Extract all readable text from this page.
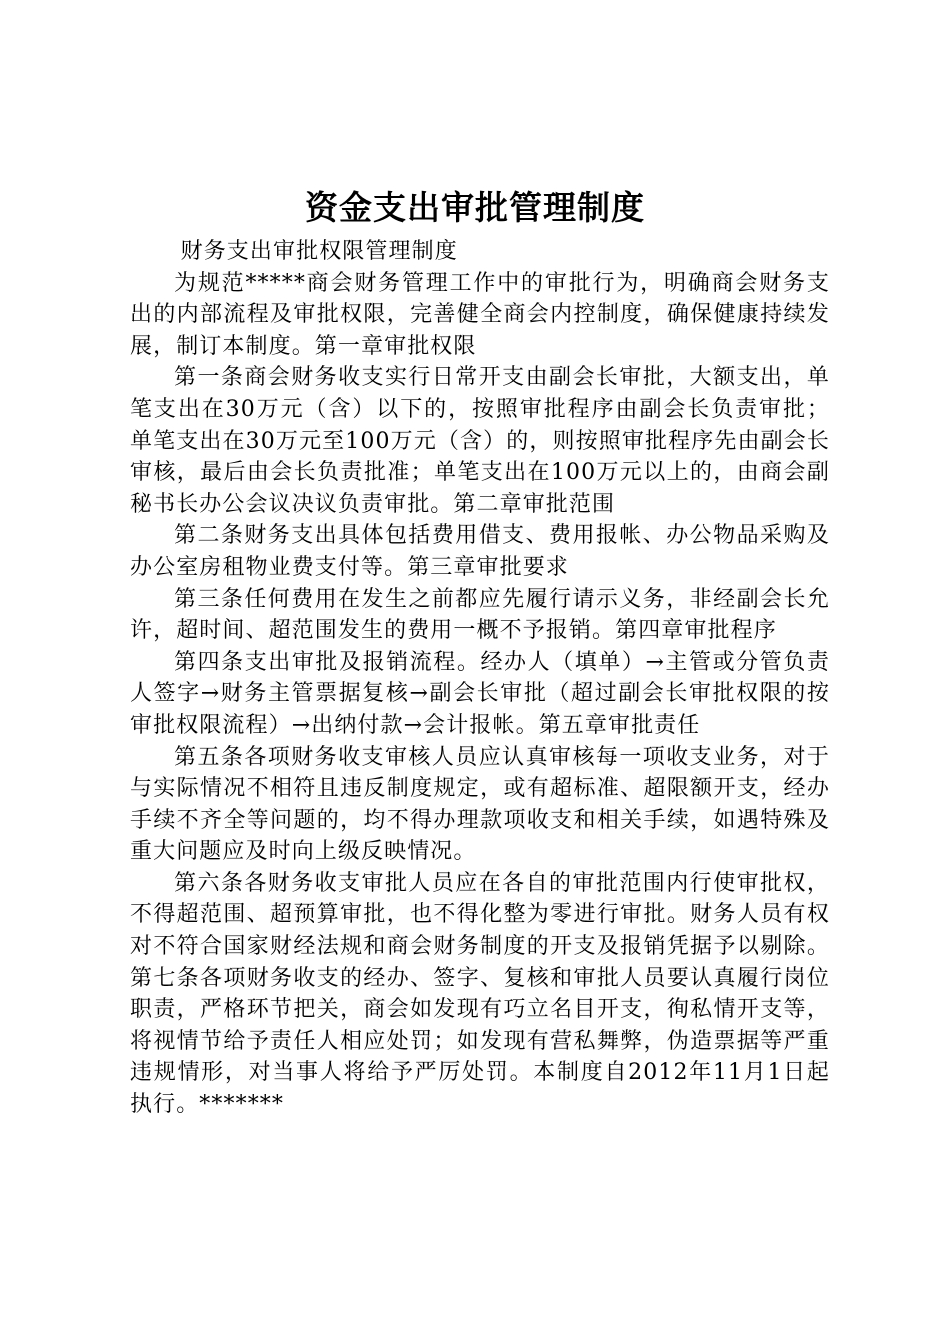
资金支出审批管理制度

财务支出审批权限管理制度

为规范*****商会财务管理工作中的审批行为，明确商会财务支出的内部流程及审批权限，完善健全商会内控制度，确保健康持续发展，制订本制度。第一章审批权限

第一条商会财务收支实行日常开支由副会长审批，大额支出，单笔支出在30万元（含）以下的，按照审批程序由副会长负责审批；单笔支出在30万元至100万元（含）的，则按照审批程序先由副会长审核，最后由会长负责批准；单笔支出在100万元以上的，由商会副秘书长办公会议决议负责审批。第二章审批范围

第二条财务支出具体包括费用借支、费用报帐、办公物品采购及办公室房租物业费支付等。第三章审批要求

第三条任何费用在发生之前都应先履行请示义务，非经副会长允许，超时间、超范围发生的费用一概不予报销。第四章审批程序

第四条支出审批及报销流程。经办人（填单）→主管或分管负责人签字→财务主管票据复核→副会长审批（超过副会长审批权限的按审批权限流程）→出纳付款→会计报帐。第五章审批责任

第五条各项财务收支审核人员应认真审核每一项收支业务，对于与实际情况不相符且违反制度规定，或有超标准、超限额开支，经办手续不齐全等问题的，均不得办理款项收支和相关手续，如遇特殊及重大问题应及时向上级反映情况。

第六条各财务收支审批人员应在各自的审批范围内行使审批权，不得超范围、超预算审批，也不得化整为零进行审批。财务人员有权对不符合国家财经法规和商会财务制度的开支及报销凭据予以剔除。第七条各项财务收支的经办、签字、复核和审批人员要认真履行岗位职责，严格环节把关，商会如发现有巧立名目开支，徇私情开支等，将视情节给予责任人相应处罚；如发现有营私舞弊，伪造票据等严重违规情形，对当事人将给予严厉处罚。本制度自2012年11月1日起执行。*******
